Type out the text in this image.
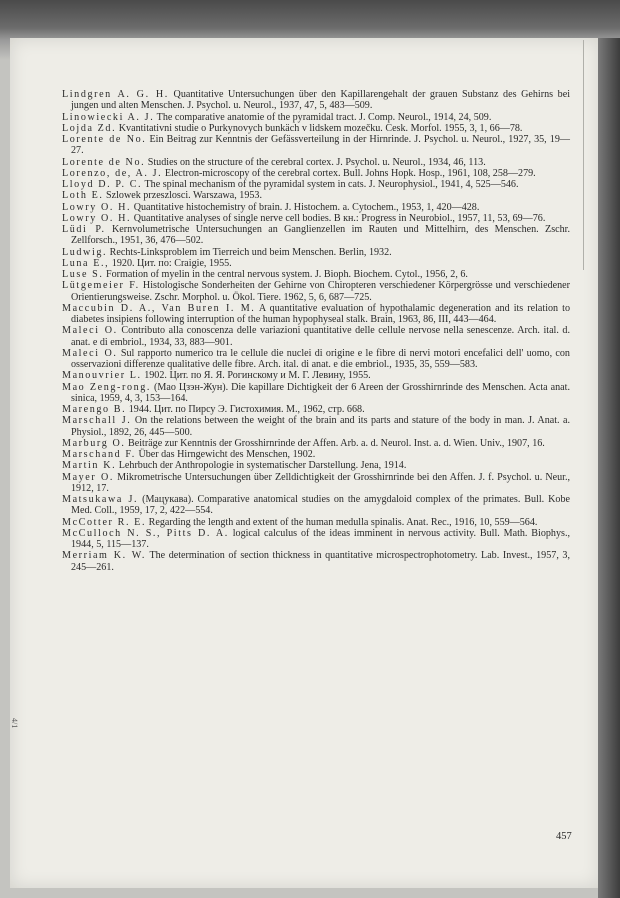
Lindgren A. G. H. Quantitative Untersuchungen über den Kapillarengehalt der grauen Substanz des Gehirns bei jungen und alten Menschen. J. Psychol. u. Neurol., 1937, 47, 5, 483—509.
Linowiecki A. J. The comparative anatomie of the pyramidal tract. J. Comp. Neurol., 1914, 24, 509.
Lojda Zd. Kvantitativni studie o Purkynovych bunkäch v lidskem mozečku. Cesk. Morfol. 1955, 3, 1, 66—78.
Lorente de No. Ein Beitrag zur Kenntnis der Gefässverteilung in der Hirnrinde. J. Psychol. u. Neurol., 1927, 35, 19—27.
Lorente de No. Studies on the structure of the cerebral cortex. J. Psychol. u. Neurol., 1934, 46, 113.
Lorenzo, de, A. J. Electron-microscopy of the cerebral cortex. Bull. Johns Hopk. Hosp., 1961, 108, 258—279.
Lloyd D. P. C. The spinal mechanism of the pyramidal system in cats. J. Neurophysiol., 1941, 4, 525—546.
Loth E. Szlowek przeszlosci. Warszawa, 1953.
Lowry O. H. Quantitative histochemistry of brain. J. Histochem. a. Cytochem., 1953, 1, 420—428.
Lowry O. H. Quantitative analyses of single nerve cell bodies. В кн.: Progress in Neurobiol., 1957, 11, 53, 69—76.
Lüdi P. Kernvolumetrische Untersuchungen an Ganglienzellen im Rauten und Mittelhirn, des Menschen. Zschr. Zellforsch., 1951, 36, 476—502.
Ludwig. Rechts-Linksproblem im Tierreich und beim Menschen. Berlin, 1932.
Luna E., 1920. Цит. по: Craigie, 1955.
Luse S. Formation of myelin in the central nervous system. J. Bioph. Biochem. Cytol., 1956, 2, 6.
Lütgemeier F. Histologische Sonderheiten der Gehirne von Chiropteren verschiedener Körpergrösse und verschiedener Orientierungsweise. Zschr. Morphol. u. Ökol. Tiere. 1962, 5, 6, 687—725.
Maccubin D. A., Van Buren I. M. A quantitative evaluation of hypothalamic degeneration and its relation to diabetes insipiens following interruption of the human hypophyseal stalk. Brain, 1963, 86, III, 443—464.
Maleci O. Contributo alla conoscenza delle variazioni quantitative delle cellule nervose nella senescenze. Arch. ital. d. anat. e di embriol., 1934, 33, 883—901.
Maleci O. Sul rapporto numerico tra le cellule die nuclei di origine e le fibre di nervi motori encefalici dell' uomo, con osservazioni differenze qualitative delle fibre. Arch. ital. di anat. e die embriol., 1935, 35, 559—583.
Manouvrier L. 1902. Цит. по Я. Я. Рогинскому и М. Г. Левину, 1955.
Mao Zeng-rong. (Мао Цзэн-Жун). Die kapillare Dichtigkeit der 6 Areen der Grosshirnrinde des Menschen. Acta anat. sinica, 1959, 4, 3, 153—164.
Marengo B. 1944. Цит. по Пирсу Э. Гистохимия. М., 1962, стр. 668.
Marschall J. On the relations between the weight of the brain and its parts and stature of the body in man. J. Anat. a. Physiol., 1892, 26, 445—500.
Marburg O. Beiträge zur Kenntnis der Grosshirnrinde der Affen. Arb. a. d. Neurol. Inst. a. d. Wien. Univ., 1907, 16.
Marschand F. Über das Hirngewicht des Menschen, 1902.
Martin K. Lehrbuch der Anthropologie in systematischer Darstellung. Jena, 1914.
Mayer O. Mikrometrische Untersuchungen über Zelldichtigkeit der Grosshirnrinde bei den Affen. J. f. Psychol. u. Neur., 1912, 17.
Matsukawa J. (Мацукава). Comparative anatomical studies on the amygdaloid complex of the primates. Bull. Kobe Med. Coll., 1959, 17, 2, 422—554.
McCotter R. E. Regarding the length and extent of the human medulla spinalis. Anat. Rec., 1916, 10, 559—564.
McCulloch N. S., Pitts D. A. logical calculus of the ideas imminent in nervous activity. Bull. Math. Biophys., 1944, 5, 115—137.
Merriam K. W. The determination of section thickness in quantitative microspectrophotometry. Lab. Invest., 1957, 3, 245—261.
457
4/1
